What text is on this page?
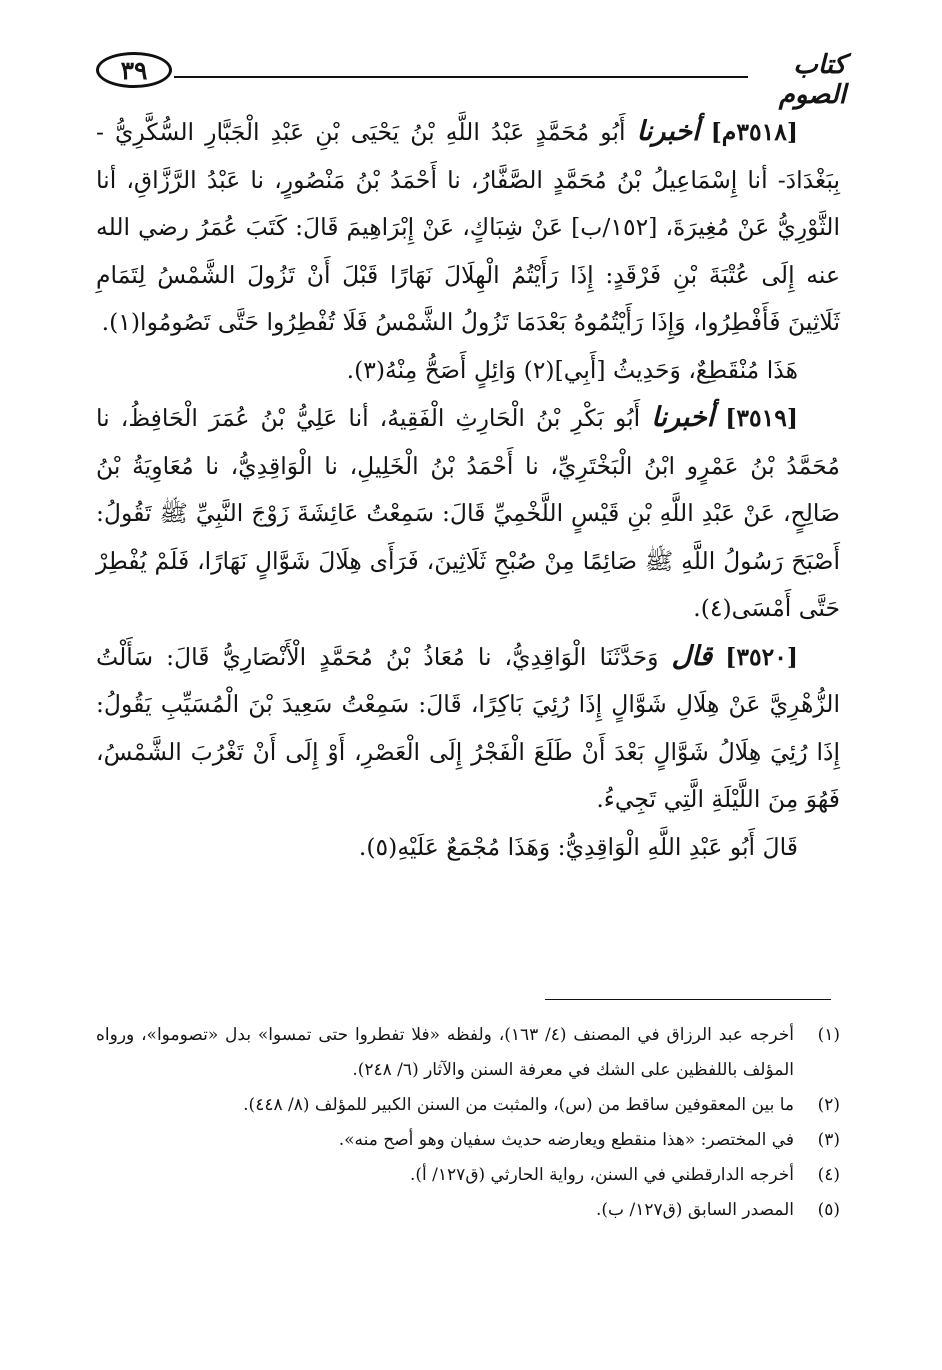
٣٩	كتاب الصوم

[٣٥١٨م] أخبرنا أَبُو مُحَمَّدٍ عَبْدُ اللَّهِ بْنُ يَحْيَى بْنِ عَبْدِ الْجَبَّارِ السُّكَّرِيُّ - بِبَغْدَادَ- أنا إِسْمَاعِيلُ بْنُ مُحَمَّدٍ الصَّفَّارُ، نا أَحْمَدُ بْنُ مَنْصُورٍ، نا عَبْدُ الرَّزَّاقِ، أنا الثَّوْرِيُّ عَنْ مُغِيرَةَ، [١٥٢/ب] عَنْ شِبَاكٍ، عَنْ إِبْرَاهِيمَ قَالَ: كَتَبَ عُمَرُ رضي الله عنه إِلَى عُتْبَةَ بْنِ فَرْقَدٍ: إِذَا رَأَيْتُمُ الْهِلَالَ نَهَارًا قَبْلَ أَنْ تَزُولَ الشَّمْسُ لِتَمَامِ ثَلَاثِينَ فَأَفْطِرُوا، وَإِذَا رَأَيْتُمُوهُ بَعْدَمَا تَزُولُ الشَّمْسُ فَلَا تُفْطِرُوا حَتَّى تَصُومُوا(١).

هَذَا مُنْقَطِعٌ، وَحَدِيثُ [أَبِي](٢) وَائِلٍ أَصَحُّ مِنْهُ(٣).

[٣٥١٩] أخبرنا أَبُو بَكْرِ بْنُ الْحَارِثِ الْفَقِيهُ، أنا عَلِيُّ بْنُ عُمَرَ الْحَافِظُ، نا مُحَمَّدُ بْنُ عَمْرٍو ابْنُ الْبَخْتَرِيِّ، نا أَحْمَدُ بْنُ الْخَلِيلِ، نا الْوَاقِدِيُّ، نا مُعَاوِيَةُ بْنُ صَالِحٍ، عَنْ عَبْدِ اللَّهِ بْنِ قَيْسٍ اللَّخْمِيِّ قَالَ: سَمِعْتُ عَائِشَةَ زَوْجَ النَّبِيِّ ﷺ تَقُولُ: أَصْبَحَ رَسُولُ اللَّهِ ﷺ صَائِمًا مِنْ صُبْحِ ثَلَاثِينَ، فَرَأَى هِلَالَ شَوَّالٍ نَهَارًا، فَلَمْ يُفْطِرْ حَتَّى أَمْسَى(٤).

[٣٥٢٠] قال وَحَدَّثَنَا الْوَاقِدِيُّ، نا مُعَاذُ بْنُ مُحَمَّدٍ الْأَنْصَارِيُّ قَالَ: سَأَلْتُ الزُّهْرِيَّ عَنْ هِلَالِ شَوَّالٍ إِذَا رُئِيَ بَاكِرًا، قَالَ: سَمِعْتُ سَعِيدَ بْنَ الْمُسَيِّبِ يَقُولُ: إِذَا رُئِيَ هِلَالُ شَوَّالٍ بَعْدَ أَنْ طَلَعَ الْفَجْرُ إِلَى الْعَصْرِ، أَوْ إِلَى أَنْ تَغْرُبَ الشَّمْسُ، فَهُوَ مِنَ اللَّيْلَةِ الَّتِي تَجِيءُ.

قَالَ أَبُو عَبْدِ اللَّهِ الْوَاقِدِيُّ: وَهَذَا مُجْمَعٌ عَلَيْهِ(٥).

(١)
أخرجه عبد الرزاق في المصنف (٤/ ١٦٣)، ولفظه «فلا تفطروا حتى تمسوا» بدل «تصوموا»، ورواه المؤلف باللفظين على الشك في معرفة السنن والآثار (٦/ ٢٤٨).
(٢)
ما بين المعقوفين ساقط من (س)، والمثبت من السنن الكبير للمؤلف (٨/ ٤٤٨).
(٣)
في المختصر: «هذا منقطع ويعارضه حديث سفيان وهو أصح منه».
(٤)
أخرجه الدارقطني في السنن، رواية الحارثي (ق١٢٧/ أ).
(٥)
المصدر السابق (ق١٢٧/ ب).
